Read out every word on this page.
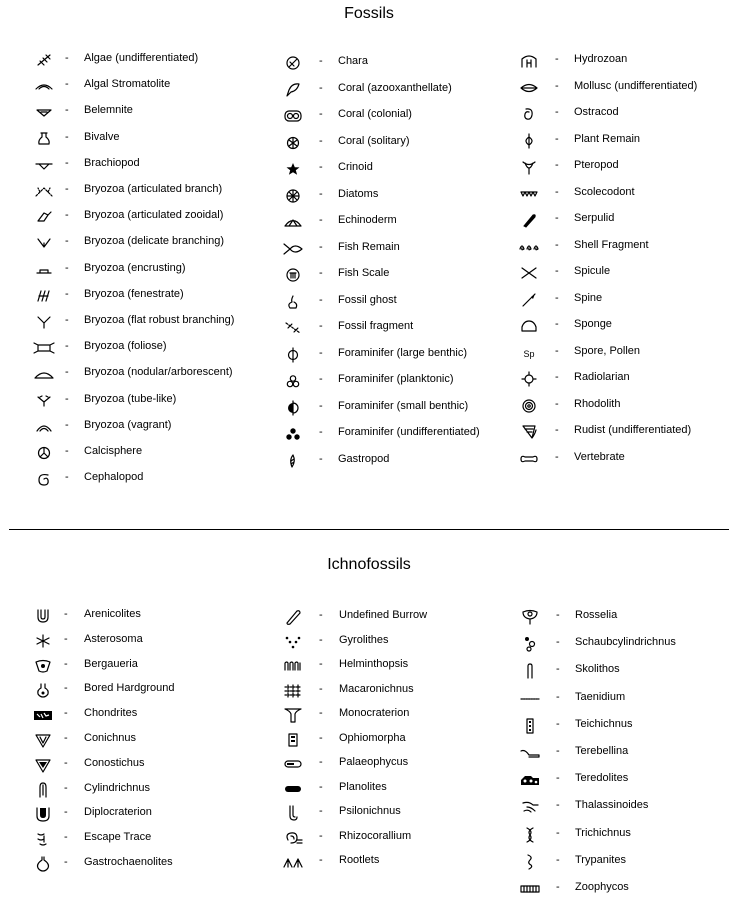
Fossils
- Algae (undifferentiated)
- Algal Stromatolite
- Belemnite
- Bivalve
- Brachiopod
- Bryozoa (articulated branch)
- Bryozoa (articulated zooidal)
- Bryozoa (delicate branching)
- Bryozoa (encrusting)
- Bryozoa (fenestrate)
- Bryozoa (flat robust branching)
- Bryozoa (foliose)
- Bryozoa (nodular/arborescent)
- Bryozoa (tube-like)
- Bryozoa (vagrant)
- Calcisphere
- Cephalopod
- Chara
- Coral (azooxanthellate)
- Coral (colonial)
- Coral (solitary)
- Crinoid
- Diatoms
- Echinoderm
- Fish Remain
- Fish Scale
- Fossil ghost
- Fossil fragment
- Foraminifer (large benthic)
- Foraminifer (planktonic)
- Foraminifer (small benthic)
- Foraminifer (undifferentiated)
- Gastropod
- Hydrozoan
- Mollusc (undifferentiated)
- Ostracod
- Plant Remain
- Pteropod
- Scolecodont
- Serpulid
- Shell Fragment
- Spicule
- Spine
- Sponge
Sp - Spore, Pollen
- Radiolarian
- Rhodolith
- Rudist (undifferentiated)
- Vertebrate
Ichnofossils
- Arenicolites
- Asterosoma
- Bergaueria
- Bored Hardground
- Chondrites
- Conichnus
- Conostichus
- Cylindrichnus
- Diplocraterion
- Escape Trace
- Gastrochaenolites
- Undefined Burrow
- Gyrolithes
- Helminthopsis
- Macaronichnus
- Monocraterion
- Ophiomorpha
- Palaeophycus
- Planolites
- Psilonichnus
- Rhizocorallium
- Rootlets
- Rosselia
- Schaubcylindrichnus
- Skolithos
- Taenidium
- Teichichnus
- Terebellina
- Teredolites
- Thalassinoides
- Trichichnus
- Trypanites
- Zoophycos
